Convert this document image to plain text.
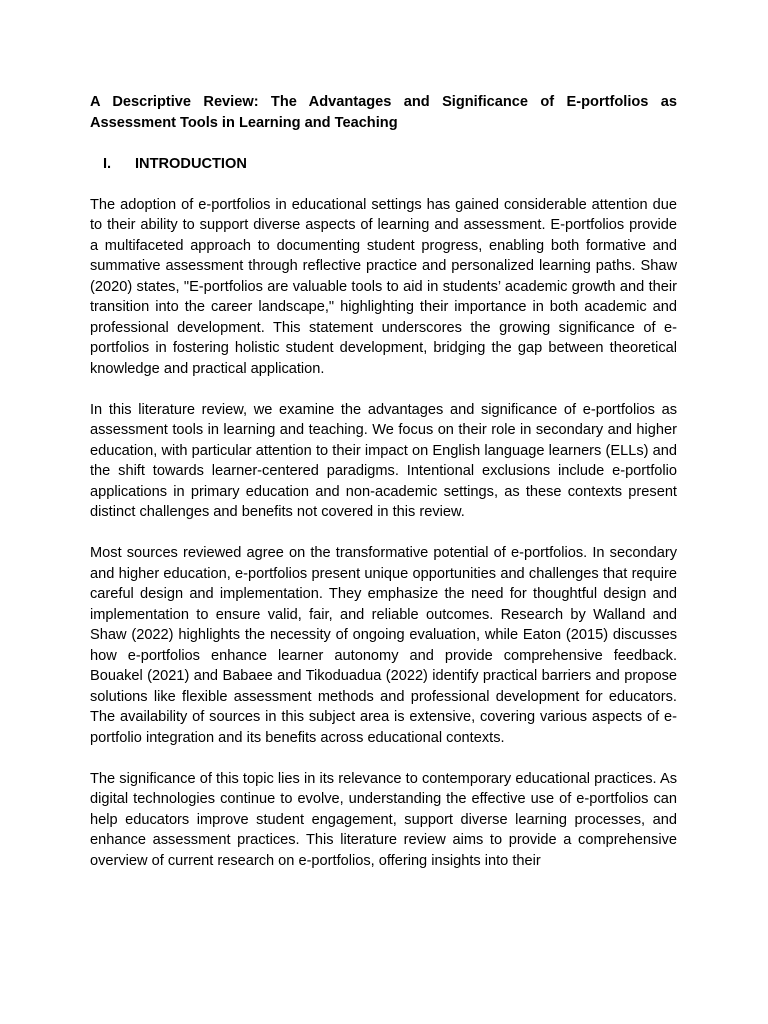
A Descriptive Review: The Advantages and Significance of E-portfolios as Assessment Tools in Learning and Teaching

I.	INTRODUCTION

The adoption of e-portfolios in educational settings has gained considerable attention due to their ability to support diverse aspects of learning and assessment. E-portfolios provide a multifaceted approach to documenting student progress, enabling both formative and summative assessment through reflective practice and personalized learning paths. Shaw (2020) states, "E-portfolios are valuable tools to aid in students’ academic growth and their transition into the career landscape," highlighting their importance in both academic and professional development. This statement underscores the growing significance of e-portfolios in fostering holistic student development, bridging the gap between theoretical knowledge and practical application.

In this literature review, we examine the advantages and significance of e-portfolios as assessment tools in learning and teaching. We focus on their role in secondary and higher education, with particular attention to their impact on English language learners (ELLs) and the shift towards learner-centered paradigms. Intentional exclusions include e-portfolio applications in primary education and non-academic settings, as these contexts present distinct challenges and benefits not covered in this review.

Most sources reviewed agree on the transformative potential of e-portfolios. In secondary and higher education, e-portfolios present unique opportunities and challenges that require careful design and implementation. They emphasize the need for thoughtful design and implementation to ensure valid, fair, and reliable outcomes. Research by Walland and Shaw (2022) highlights the necessity of ongoing evaluation, while Eaton (2015) discusses how e-portfolios enhance learner autonomy and provide comprehensive feedback. Bouakel (2021) and Babaee and Tikoduadua (2022) identify practical barriers and propose solutions like flexible assessment methods and professional development for educators. The availability of sources in this subject area is extensive, covering various aspects of e-portfolio integration and its benefits across educational contexts.

The significance of this topic lies in its relevance to contemporary educational practices. As digital technologies continue to evolve, understanding the effective use of e-portfolios can help educators improve student engagement, support diverse learning processes, and enhance assessment practices. This literature review aims to provide a comprehensive overview of current research on e-portfolios, offering insights into their
